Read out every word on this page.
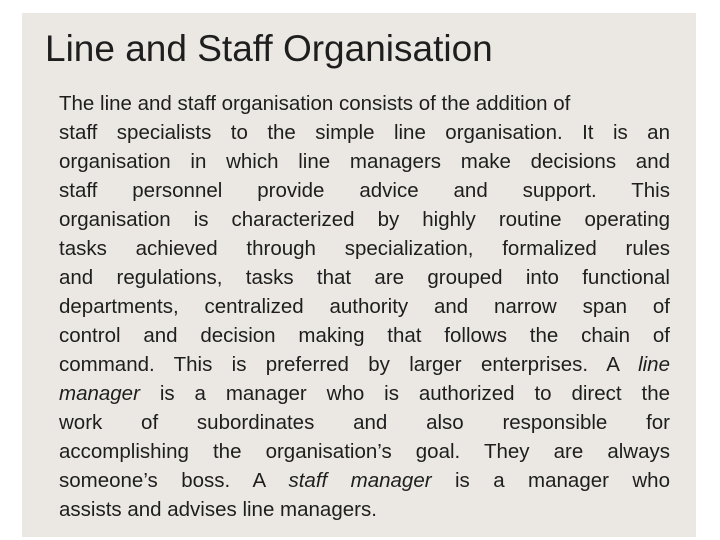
Line and Staff Organisation
The line and staff organisation consists of the addition of
staff specialists to the simple line organisation. It is an
organisation in which line managers make decisions and
staff personnel provide advice and support. This
organisation is characterized by highly routine operating
tasks achieved through specialization, formalized rules
and regulations, tasks that are grouped into functional
departments, centralized authority and narrow span of
control and decision making that follows the chain of
command. This is preferred by larger enterprises. A line
manager is a manager who is authorized to direct the
work of subordinates and also responsible for
accomplishing the organisation’s goal. They are always
someone’s boss. A staff manager is a manager who
assists and advises line managers.
